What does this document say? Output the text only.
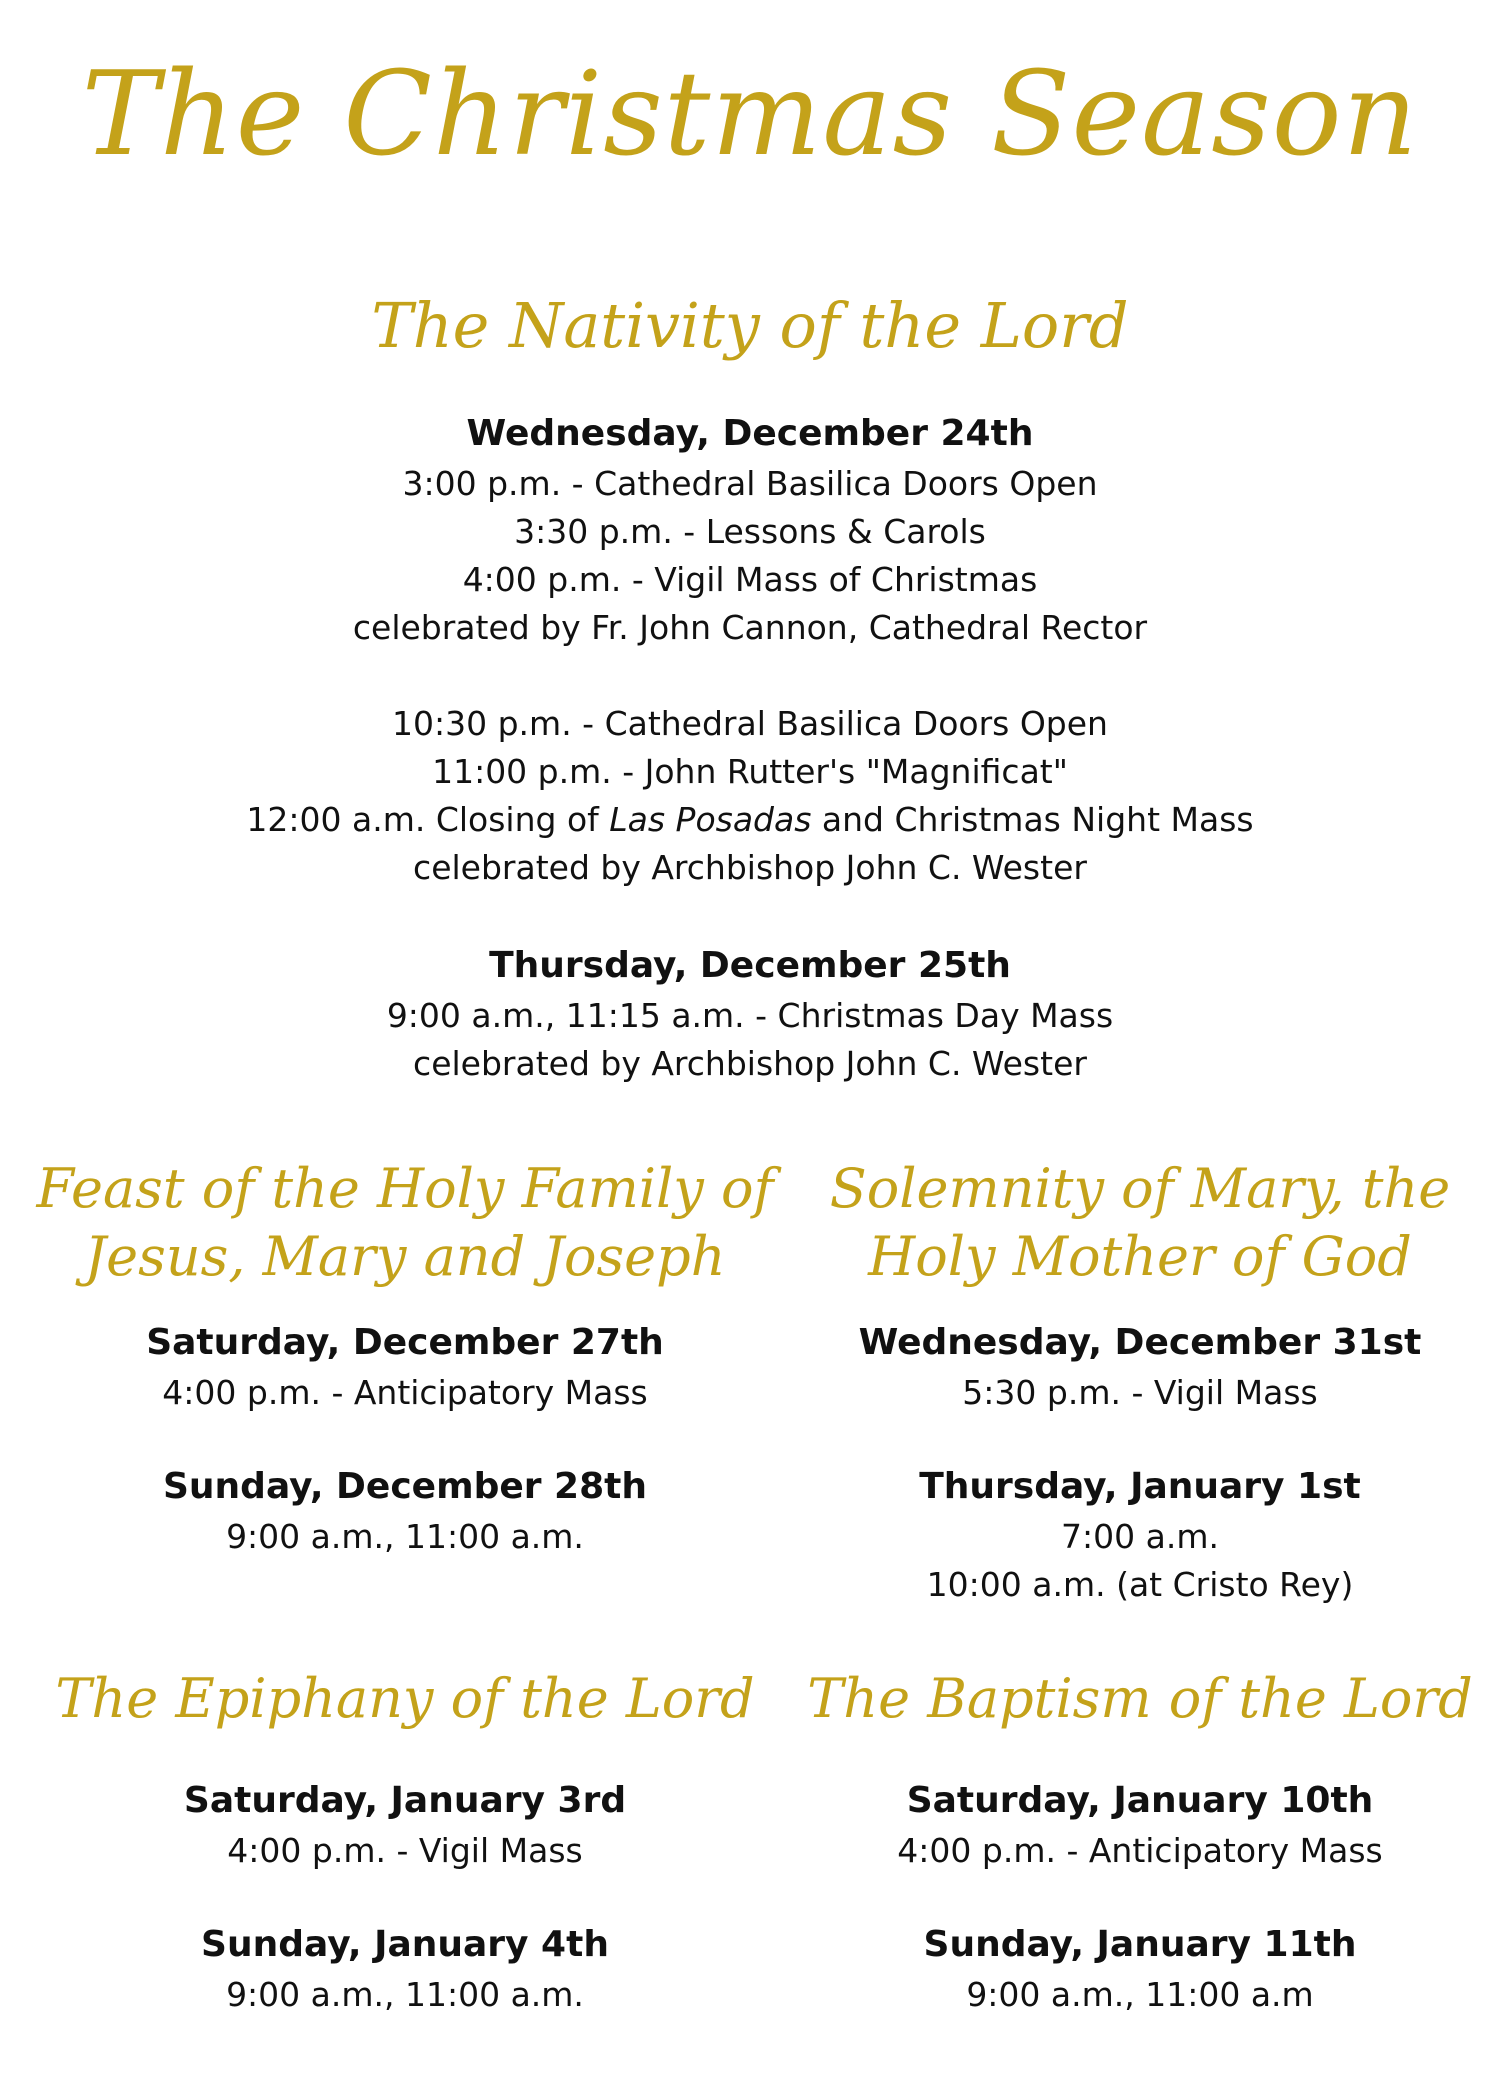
The Christmas Season
The Nativity of the Lord

Wednesday, December 24th

3:00 p.m. - Cathedral Basilica Doors Open

3:30 p.m. - Lessons & Carols

4:00 p.m. - Vigil Mass of Christmas

celebrated by Fr. John Cannon, Cathedral Rector

10:30 p.m. - Cathedral Basilica Doors Open

11:00 p.m. - John Rutter's "Magnificat"

12:00 a.m. Closing of Las Posadas and Christmas Night Mass

celebrated by Archbishop John C. Wester

Thursday, December 25th

9:00 a.m., 11:15 a.m. - Christmas Day Mass

celebrated by Archbishop John C. Wester

Feast of the Holy Family of
Jesus, Mary and Joseph

Saturday, December 27th

4:00 p.m. - Anticipatory Mass

Sunday, December 28th

9:00 a.m., 11:00 a.m.

Solemnity of Mary, the
Holy Mother of God

Wednesday, December 31st

5:30 p.m. - Vigil Mass

Thursday, January 1st

7:00 a.m.

10:00 a.m. (at Cristo Rey)

The Epiphany of the Lord

Saturday, January 3rd

4:00 p.m. - Vigil Mass

Sunday, January 4th

9:00 a.m., 11:00 a.m.

The Baptism of the Lord

Saturday, January 10th

4:00 p.m. - Anticipatory Mass

Sunday, January 11th

9:00 a.m., 11:00 a.m
